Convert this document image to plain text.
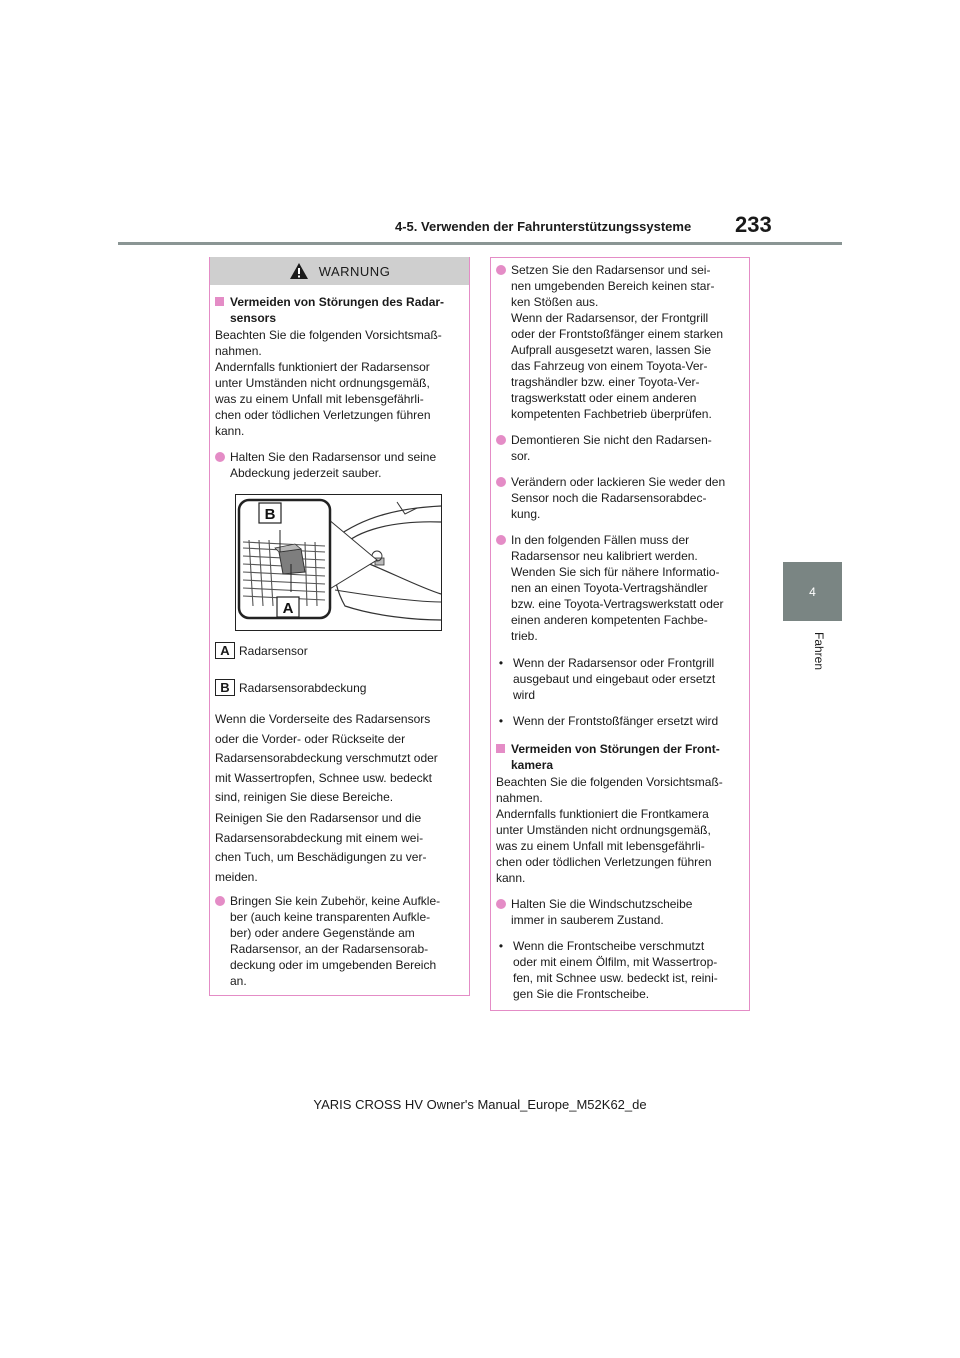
4-5. Verwenden der Fahrunterstützungssysteme 233
4
Fahren
WARNUNG
Vermeiden von Störungen des Radar-
sensors
Beachten Sie die folgenden Vorsichtsmaß-
nahmen.
Andernfalls funktioniert der Radarsensor
unter Umständen nicht ordnungsgemäß,
was zu einem Unfall mit lebensgefährli-
chen oder tödlichen Verletzungen führen
kann.
Halten Sie den Radarsensor und seine
Abdeckung jederzeit sauber.
B
A
A Radarsensor
B Radarsensorabdeckung
Wenn die Vorderseite des Radarsensors
oder die Vorder- oder Rückseite der
Radarsensorabdeckung verschmutzt oder
mit Wassertropfen, Schnee usw. bedeckt
sind, reinigen Sie diese Bereiche.
Reinigen Sie den Radarsensor und die
Radarsensorabdeckung mit einem wei-
chen Tuch, um Beschädigungen zu ver-
meiden.
Bringen Sie kein Zubehör, keine Aufkle-
ber (auch keine transparenten Aufkle-
ber) oder andere Gegenstände am
Radarsensor, an der Radarsensorab-
deckung oder im umgebenden Bereich
an.
Setzen Sie den Radarsensor und sei-
nen umgebenden Bereich keinen star-
ken Stößen aus.
Wenn der Radarsensor, der Frontgrill
oder der Frontstoßfänger einem starken
Aufprall ausgesetzt waren, lassen Sie
das Fahrzeug von einem Toyota-Ver-
tragshändler bzw. einer Toyota-Ver-
tragswerkstatt oder einem anderen
kompetenten Fachbetrieb überprüfen.
Demontieren Sie nicht den Radarsen-
sor.
Verändern oder lackieren Sie weder den
Sensor noch die Radarsensorabdec-
kung.
In den folgenden Fällen muss der
Radarsensor neu kalibriert werden.
Wenden Sie sich für nähere Informatio-
nen an einen Toyota-Vertragshändler
bzw. eine Toyota-Vertragswerkstatt oder
einen anderen kompetenten Fachbe-
trieb.
• Wenn der Radarsensor oder Frontgrill
ausgebaut und eingebaut oder ersetzt
wird
• Wenn der Frontstoßfänger ersetzt wird
Vermeiden von Störungen der Front-
kamera
Beachten Sie die folgenden Vorsichtsmaß-
nahmen.
Andernfalls funktioniert die Frontkamera
unter Umständen nicht ordnungsgemäß,
was zu einem Unfall mit lebensgefährli-
chen oder tödlichen Verletzungen führen
kann.
Halten Sie die Windschutzscheibe
immer in sauberem Zustand.
• Wenn die Frontscheibe verschmutzt
oder mit einem Ölfilm, mit Wassertrop-
fen, mit Schnee usw. bedeckt ist, reini-
gen Sie die Frontscheibe.
YARIS CROSS HV Owner's Manual_Europe_M52K62_de
